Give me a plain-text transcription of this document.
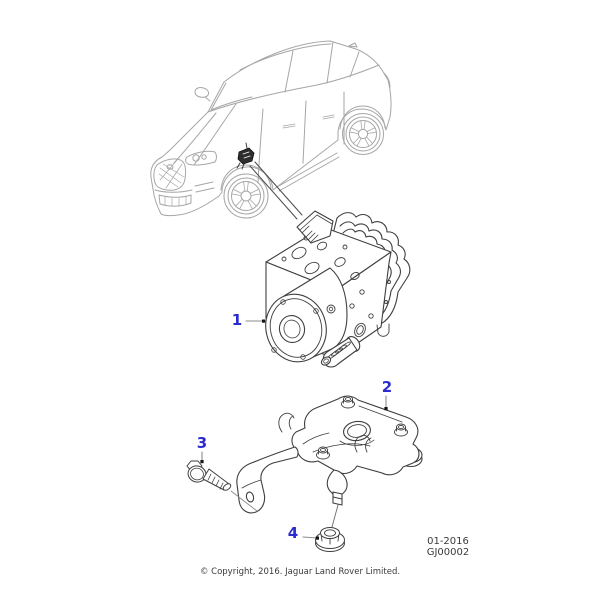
1
2
3
4	01-2016
GJ00002
© Copyright, 2016. Jaguar Land Rover Limited.
